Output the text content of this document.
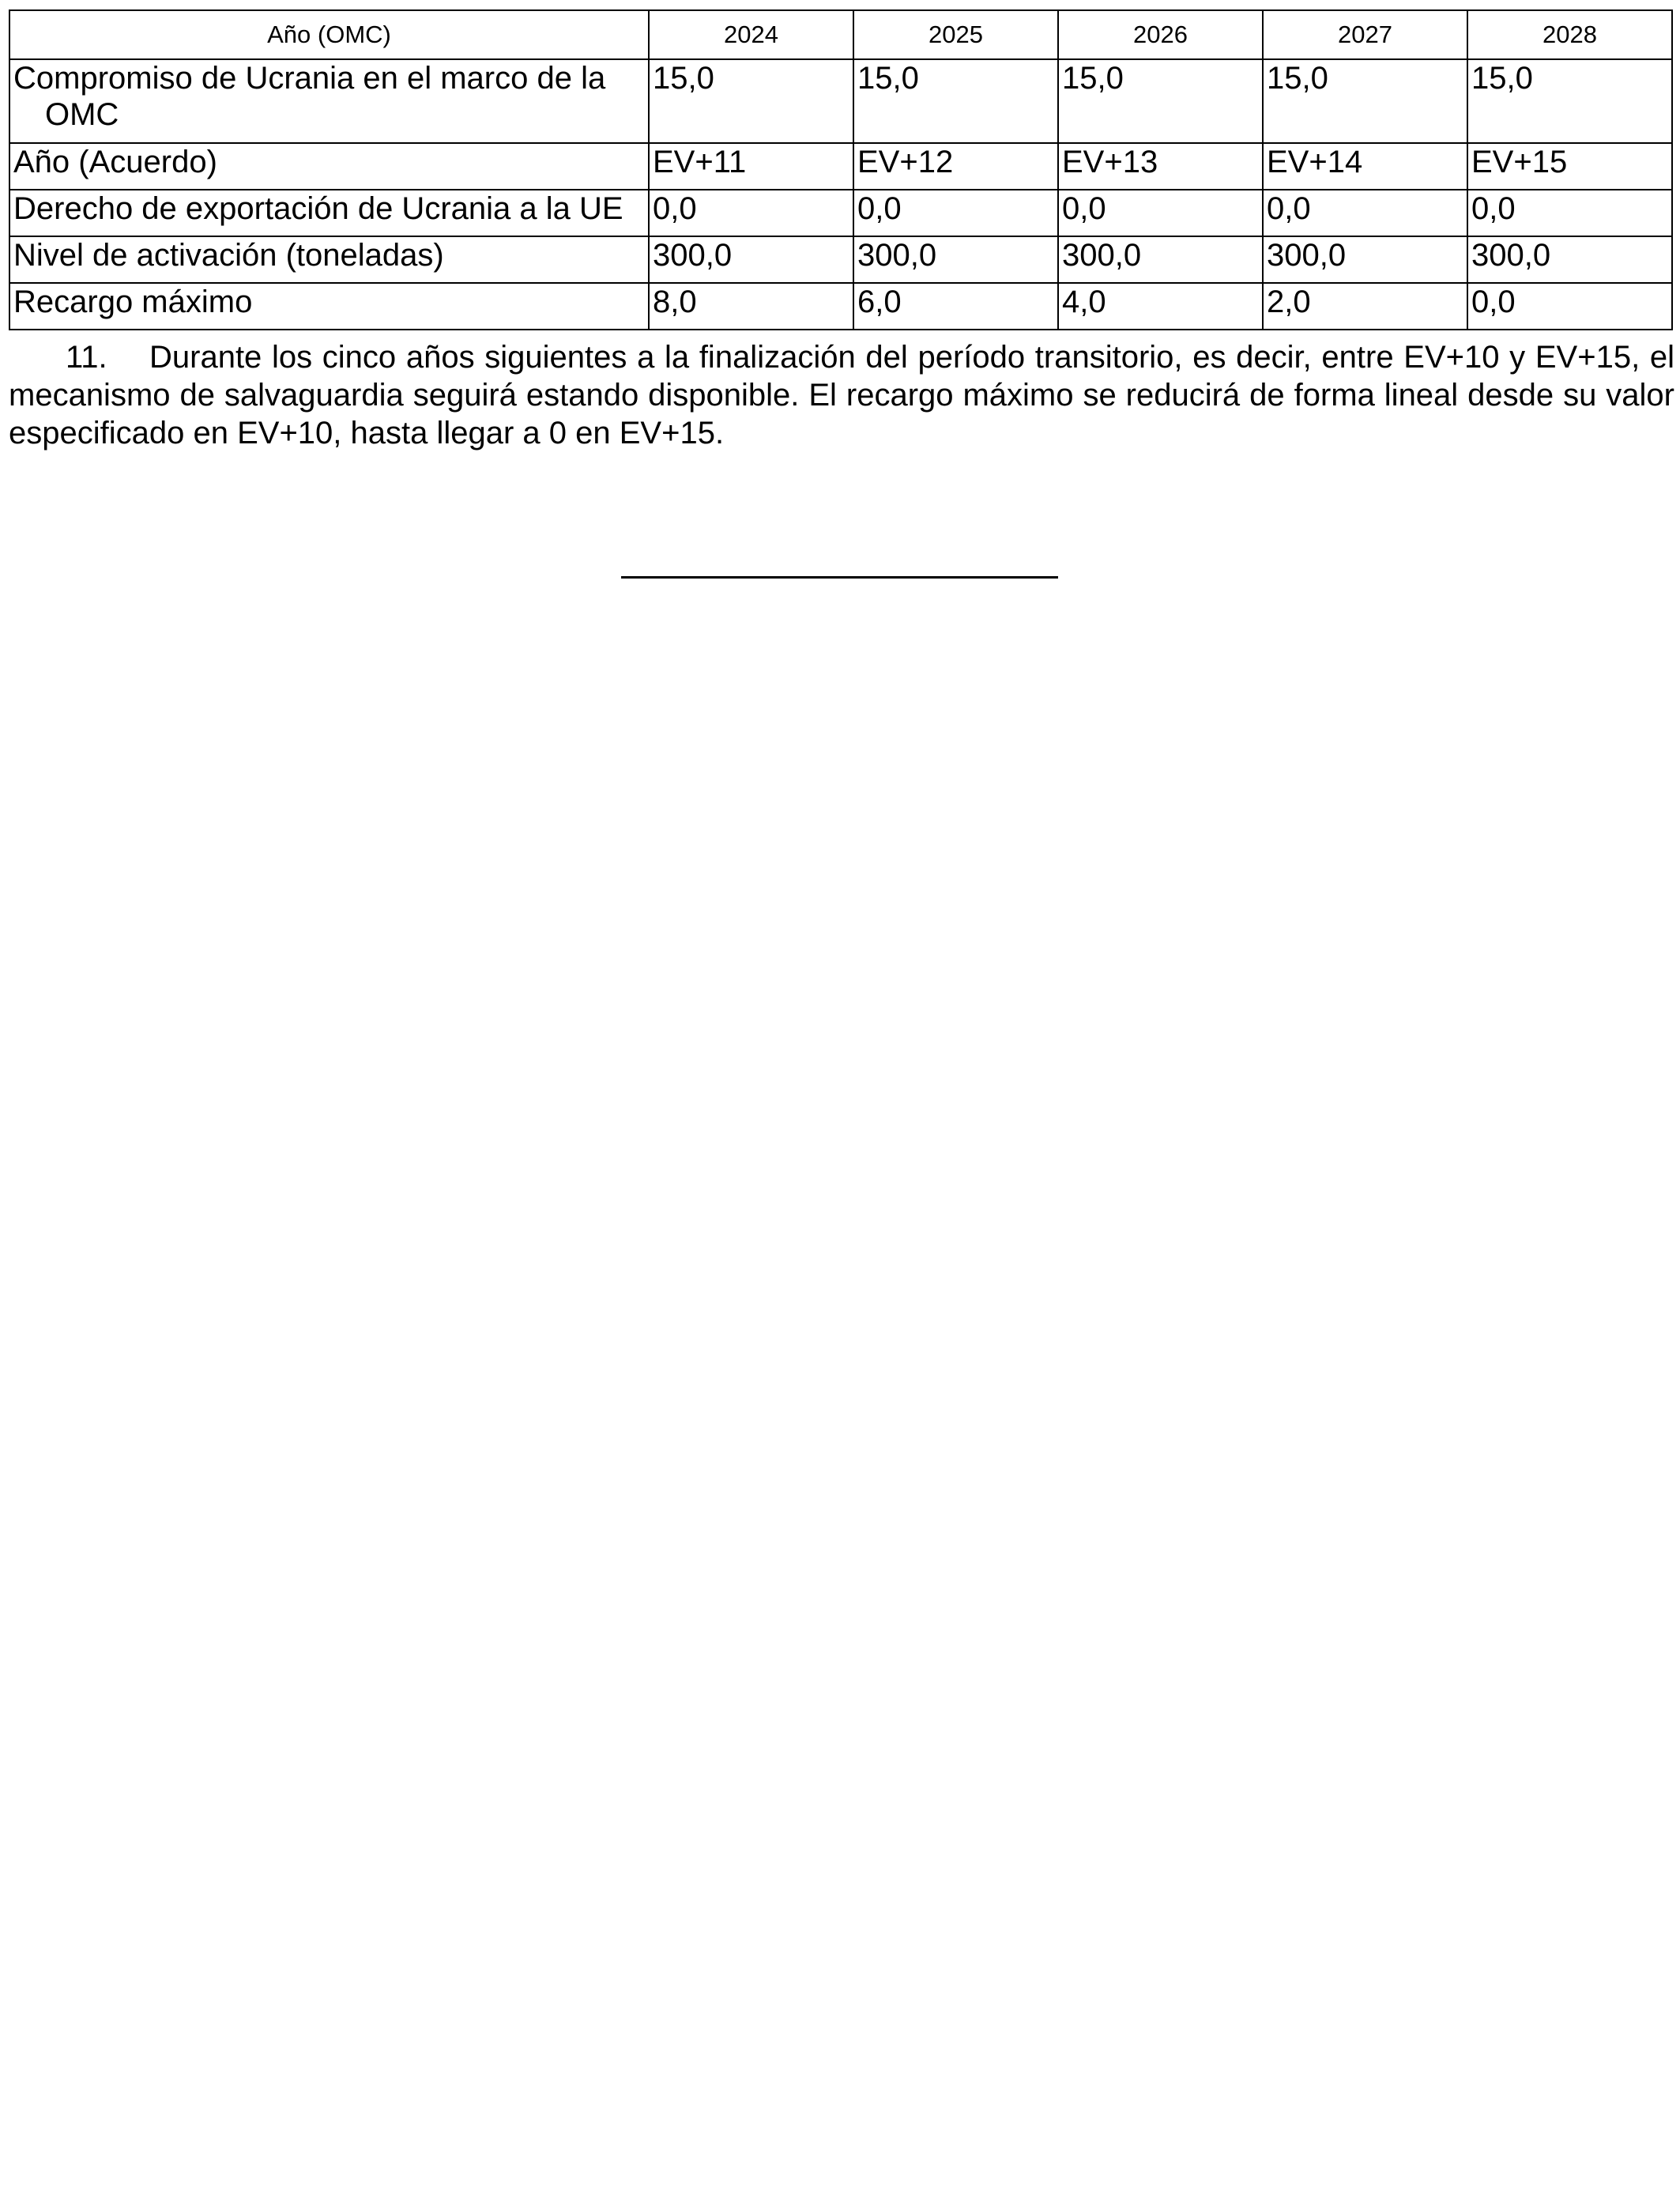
Año (OMC)	2024	2025	2026	2027	2028

Compromiso de Ucrania en el marco de la OMC	15,0	15,0	15,0	15,0	15,0
Año (Acuerdo)	EV+11	EV+12	EV+13	EV+14	EV+15
Derecho de exportación de Ucrania a la UE	0,0	0,0	0,0	0,0	0,0
Nivel de activación (toneladas)	300,0	300,0	300,0	300,0	300,0
Recargo máximo	8,0	6,0	4,0	2,0	0,0

11. Durante los cinco años siguientes a la finalización del período transitorio, es decir, entre EV+10 y EV+15, el mecanismo de salvaguardia seguirá estando disponible. El recargo máximo se reducirá de forma lineal desde su valor especificado en EV+10, hasta llegar a 0 en EV+15.
